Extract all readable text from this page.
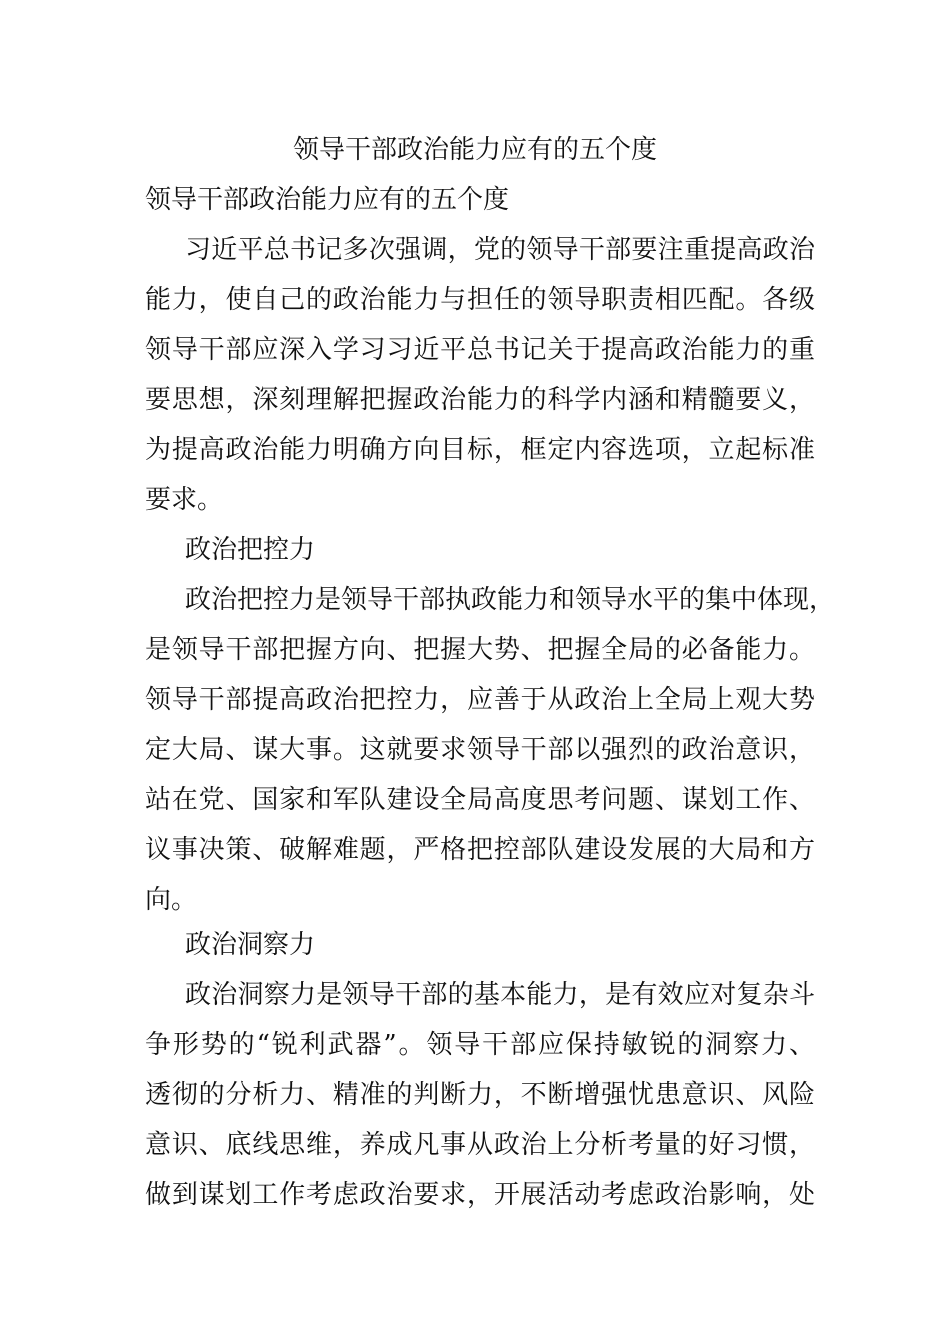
领导干部政治能力应有的五个度
领导干部政治能力应有的五个度
习近平总书记多次强调，党的领导干部要注重提高政治
能力，使自己的政治能力与担任的领导职责相匹配。各级
领导干部应深入学习习近平总书记关于提高政治能力的重
要思想，深刻理解把握政治能力的科学内涵和精髓要义，
为提高政治能力明确方向目标，框定内容选项，立起标准
要求。
政治把控力
政治把控力是领导干部执政能力和领导水平的集中体现，
是领导干部把握方向、把握大势、把握全局的必备能力。
领导干部提高政治把控力，应善于从政治上全局上观大势
定大局、谋大事。这就要求领导干部以强烈的政治意识，
站在党、国家和军队建设全局高度思考问题、谋划工作、
议事决策、破解难题，严格把控部队建设发展的大局和方
向。
政治洞察力
政治洞察力是领导干部的基本能力，是有效应对复杂斗
争形势的“锐利武器”。领导干部应保持敏锐的洞察力、
透彻的分析力、精准的判断力，不断增强忧患意识、风险
意识、底线思维，养成凡事从政治上分析考量的好习惯，
做到谋划工作考虑政治要求，开展活动考虑政治影响，处
